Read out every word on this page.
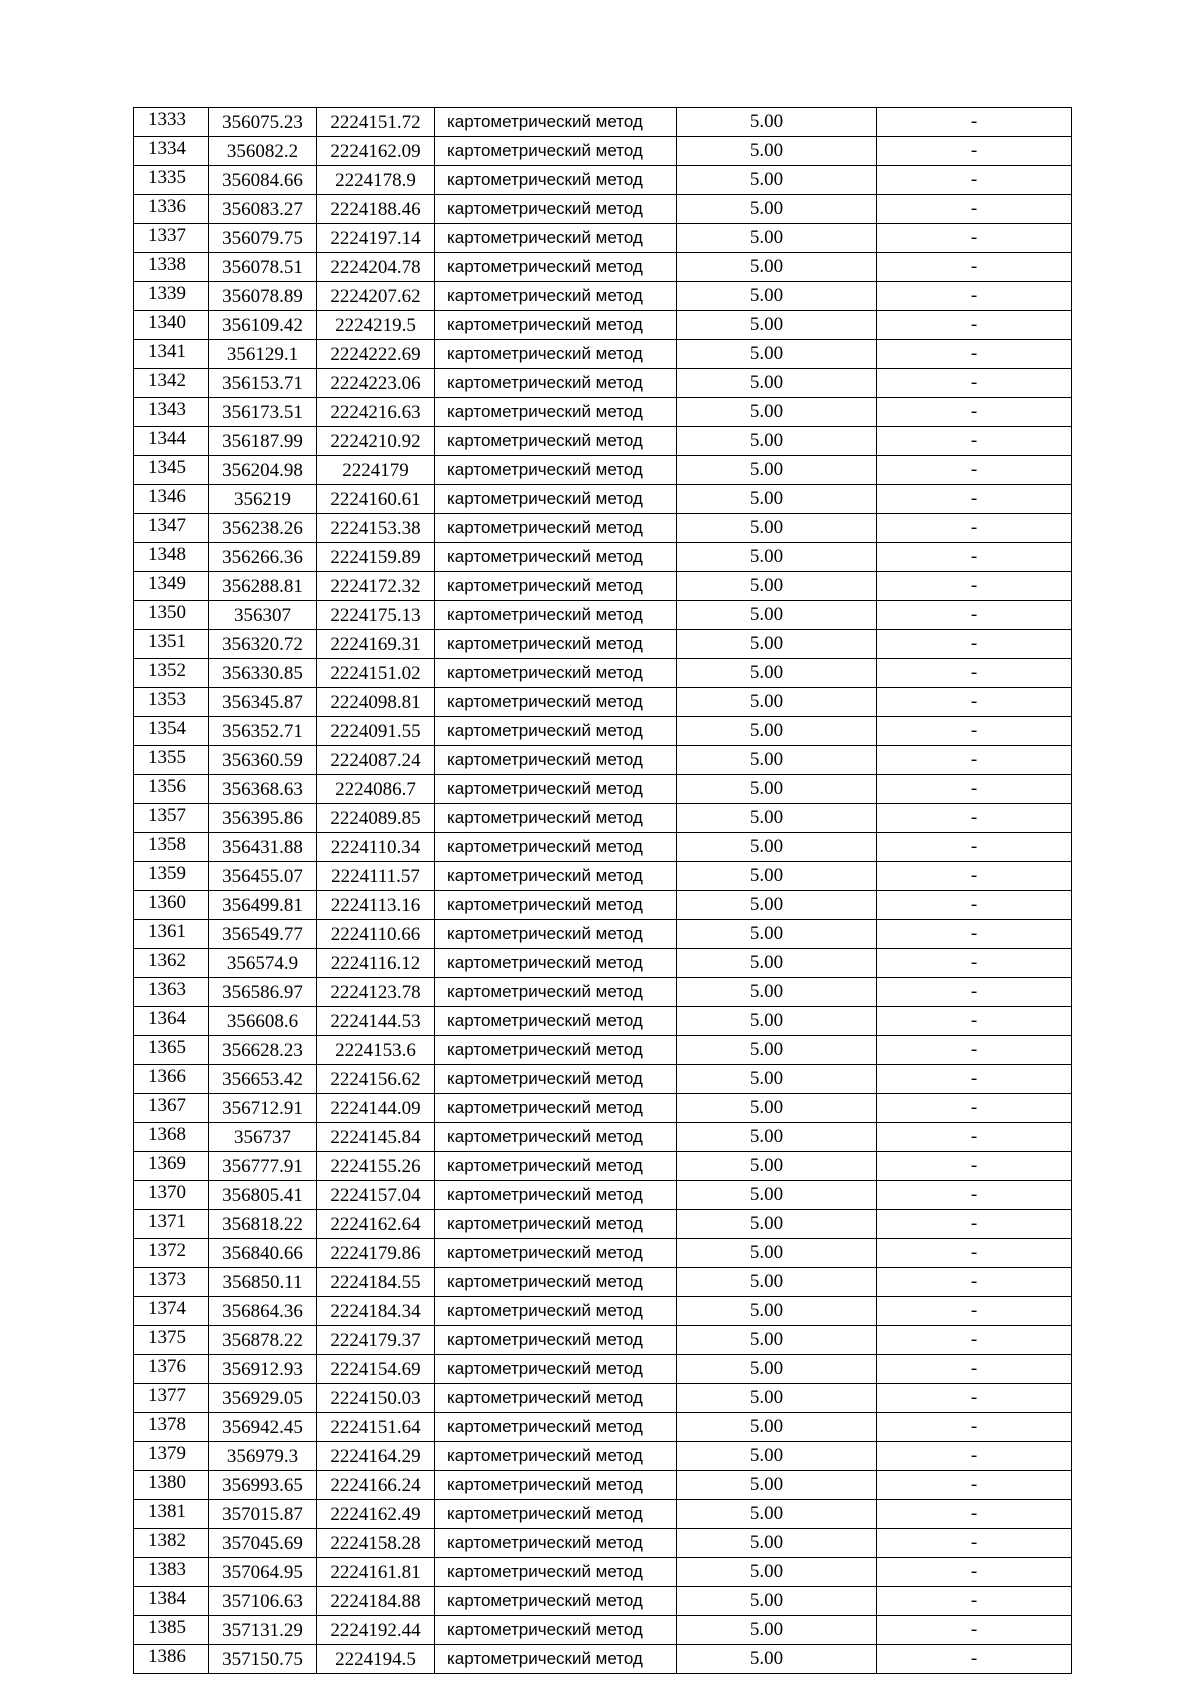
1333	356075.23	2224151.72	картометрический метод	5.00	-
1334	356082.2	2224162.09	картометрический метод	5.00	-
1335	356084.66	2224178.9	картометрический метод	5.00	-
1336	356083.27	2224188.46	картометрический метод	5.00	-
1337	356079.75	2224197.14	картометрический метод	5.00	-
1338	356078.51	2224204.78	картометрический метод	5.00	-
1339	356078.89	2224207.62	картометрический метод	5.00	-
1340	356109.42	2224219.5	картометрический метод	5.00	-
1341	356129.1	2224222.69	картометрический метод	5.00	-
1342	356153.71	2224223.06	картометрический метод	5.00	-
1343	356173.51	2224216.63	картометрический метод	5.00	-
1344	356187.99	2224210.92	картометрический метод	5.00	-
1345	356204.98	2224179	картометрический метод	5.00	-
1346	356219	2224160.61	картометрический метод	5.00	-
1347	356238.26	2224153.38	картометрический метод	5.00	-
1348	356266.36	2224159.89	картометрический метод	5.00	-
1349	356288.81	2224172.32	картометрический метод	5.00	-
1350	356307	2224175.13	картометрический метод	5.00	-
1351	356320.72	2224169.31	картометрический метод	5.00	-
1352	356330.85	2224151.02	картометрический метод	5.00	-
1353	356345.87	2224098.81	картометрический метод	5.00	-
1354	356352.71	2224091.55	картометрический метод	5.00	-
1355	356360.59	2224087.24	картометрический метод	5.00	-
1356	356368.63	2224086.7	картометрический метод	5.00	-
1357	356395.86	2224089.85	картометрический метод	5.00	-
1358	356431.88	2224110.34	картометрический метод	5.00	-
1359	356455.07	2224111.57	картометрический метод	5.00	-
1360	356499.81	2224113.16	картометрический метод	5.00	-
1361	356549.77	2224110.66	картометрический метод	5.00	-
1362	356574.9	2224116.12	картометрический метод	5.00	-
1363	356586.97	2224123.78	картометрический метод	5.00	-
1364	356608.6	2224144.53	картометрический метод	5.00	-
1365	356628.23	2224153.6	картометрический метод	5.00	-
1366	356653.42	2224156.62	картометрический метод	5.00	-
1367	356712.91	2224144.09	картометрический метод	5.00	-
1368	356737	2224145.84	картометрический метод	5.00	-
1369	356777.91	2224155.26	картометрический метод	5.00	-
1370	356805.41	2224157.04	картометрический метод	5.00	-
1371	356818.22	2224162.64	картометрический метод	5.00	-
1372	356840.66	2224179.86	картометрический метод	5.00	-
1373	356850.11	2224184.55	картометрический метод	5.00	-
1374	356864.36	2224184.34	картометрический метод	5.00	-
1375	356878.22	2224179.37	картометрический метод	5.00	-
1376	356912.93	2224154.69	картометрический метод	5.00	-
1377	356929.05	2224150.03	картометрический метод	5.00	-
1378	356942.45	2224151.64	картометрический метод	5.00	-
1379	356979.3	2224164.29	картометрический метод	5.00	-
1380	356993.65	2224166.24	картометрический метод	5.00	-
1381	357015.87	2224162.49	картометрический метод	5.00	-
1382	357045.69	2224158.28	картометрический метод	5.00	-
1383	357064.95	2224161.81	картометрический метод	5.00	-
1384	357106.63	2224184.88	картометрический метод	5.00	-
1385	357131.29	2224192.44	картометрический метод	5.00	-
1386	357150.75	2224194.5	картометрический метод	5.00	-
